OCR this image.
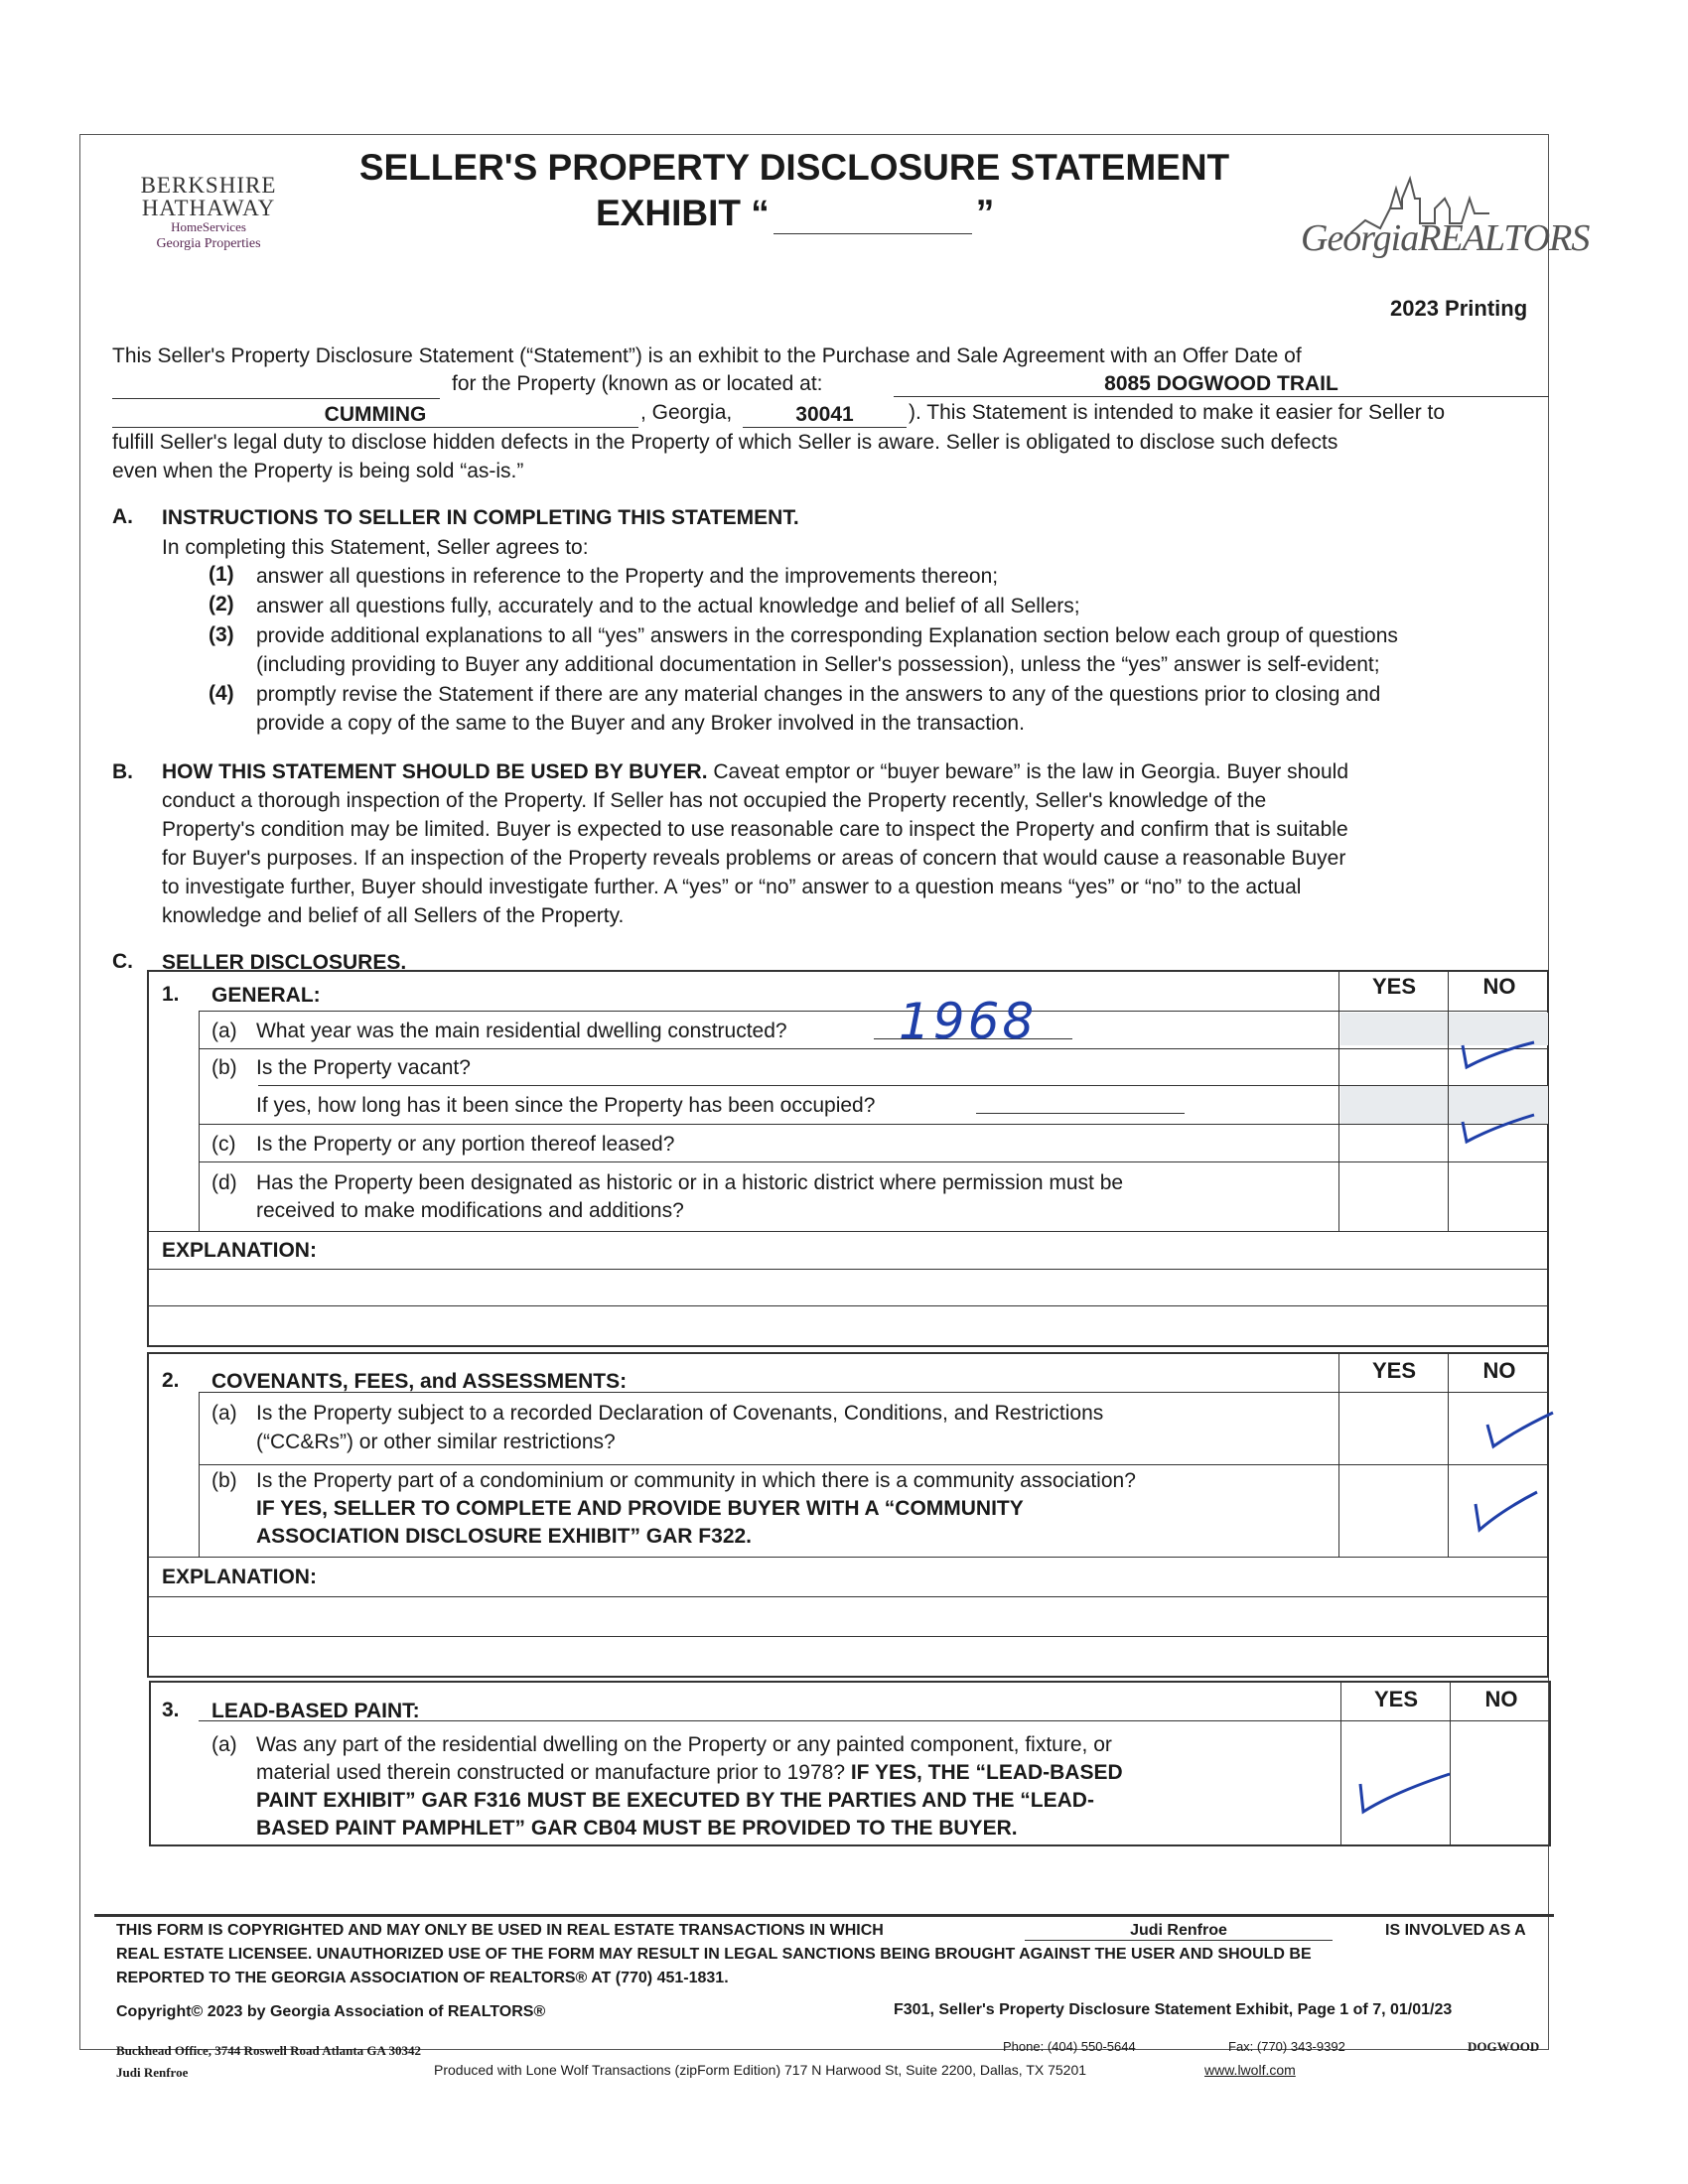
BERKSHIRE
HATHAWAY
HomeServices
Georgia Properties
SELLER'S PROPERTY DISCLOSURE STATEMENT
EXHIBIT “	”
GeorgiaREALTORS
2023 Printing
This Seller's Property Disclosure Statement (“Statement”) is an exhibit to the Purchase and Sale Agreement with an Offer Date of
for the Property (known as or located at:	8085 DOGWOOD TRAIL
CUMMING	, Georgia,	30041	). This Statement is intended to make it easier for Seller to
fulfill Seller's legal duty to disclose hidden defects in the Property of which Seller is aware. Seller is obligated to disclose such defects
even when the Property is being sold “as-is.”
A. INSTRUCTIONS TO SELLER IN COMPLETING THIS STATEMENT.
In completing this Statement, Seller agrees to:
(1) answer all questions in reference to the Property and the improvements thereon;
(2) answer all questions fully, accurately and to the actual knowledge and belief of all Sellers;
(3) provide additional explanations to all “yes” answers in the corresponding Explanation section below each group of questions
(including providing to Buyer any additional documentation in Seller's possession), unless the “yes” answer is self-evident;
(4) promptly revise the Statement if there are any material changes in the answers to any of the questions prior to closing and
provide a copy of the same to the Buyer and any Broker involved in the transaction.
B. HOW THIS STATEMENT SHOULD BE USED BY BUYER. Caveat emptor or “buyer beware” is the law in Georgia. Buyer should
conduct a thorough inspection of the Property. If Seller has not occupied the Property recently, Seller's knowledge of the
Property's condition may be limited. Buyer is expected to use reasonable care to inspect the Property and confirm that is suitable
for Buyer's purposes. If an inspection of the Property reveals problems or areas of concern that would cause a reasonable Buyer
to investigate further, Buyer should investigate further. A “yes” or “no” answer to a question means “yes” or “no” to the actual
knowledge and belief of all Sellers of the Property.
C. SELLER DISCLOSURES.
1. GENERAL:	YES	NO
(a) What year was the main residential dwelling constructed? 1968
(b) Is the Property vacant?
If yes, how long has it been since the Property has been occupied?
(c) Is the Property or any portion thereof leased?
(d) Has the Property been designated as historic or in a historic district where permission must be
received to make modifications and additions?
EXPLANATION:
2. COVENANTS, FEES, and ASSESSMENTS:	YES	NO
(a) Is the Property subject to a recorded Declaration of Covenants, Conditions, and Restrictions
(“CC&Rs”) or other similar restrictions?
(b) Is the Property part of a condominium or community in which there is a community association?
IF YES, SELLER TO COMPLETE AND PROVIDE BUYER WITH A “COMMUNITY
ASSOCIATION DISCLOSURE EXHIBIT” GAR F322.
EXPLANATION:
3. LEAD-BASED PAINT:	YES	NO
(a) Was any part of the residential dwelling on the Property or any painted component, fixture, or
material used therein constructed or manufacture prior to 1978? IF YES, THE “LEAD-BASED
PAINT EXHIBIT” GAR F316 MUST BE EXECUTED BY THE PARTIES AND THE “LEAD-
BASED PAINT PAMPHLET” GAR CB04 MUST BE PROVIDED TO THE BUYER.
THIS FORM IS COPYRIGHTED AND MAY ONLY BE USED IN REAL ESTATE TRANSACTIONS IN WHICH	Judi Renfroe	IS INVOLVED AS A
REAL ESTATE LICENSEE. UNAUTHORIZED USE OF THE FORM MAY RESULT IN LEGAL SANCTIONS BEING BROUGHT AGAINST THE USER AND SHOULD BE
REPORTED TO THE GEORGIA ASSOCIATION OF REALTORS® AT (770) 451-1831.
Copyright© 2023 by Georgia Association of REALTORS®	F301, Seller's Property Disclosure Statement Exhibit, Page 1 of 7, 01/01/23
Buckhead Office, 3744 Roswell Road Atlanta GA 30342
Judi Renfroe
Phone: (404) 550-5644	Fax: (770) 343-9392	DOGWOOD
Produced with Lone Wolf Transactions (zipForm Edition) 717 N Harwood St, Suite 2200, Dallas, TX 75201	www.lwolf.com
